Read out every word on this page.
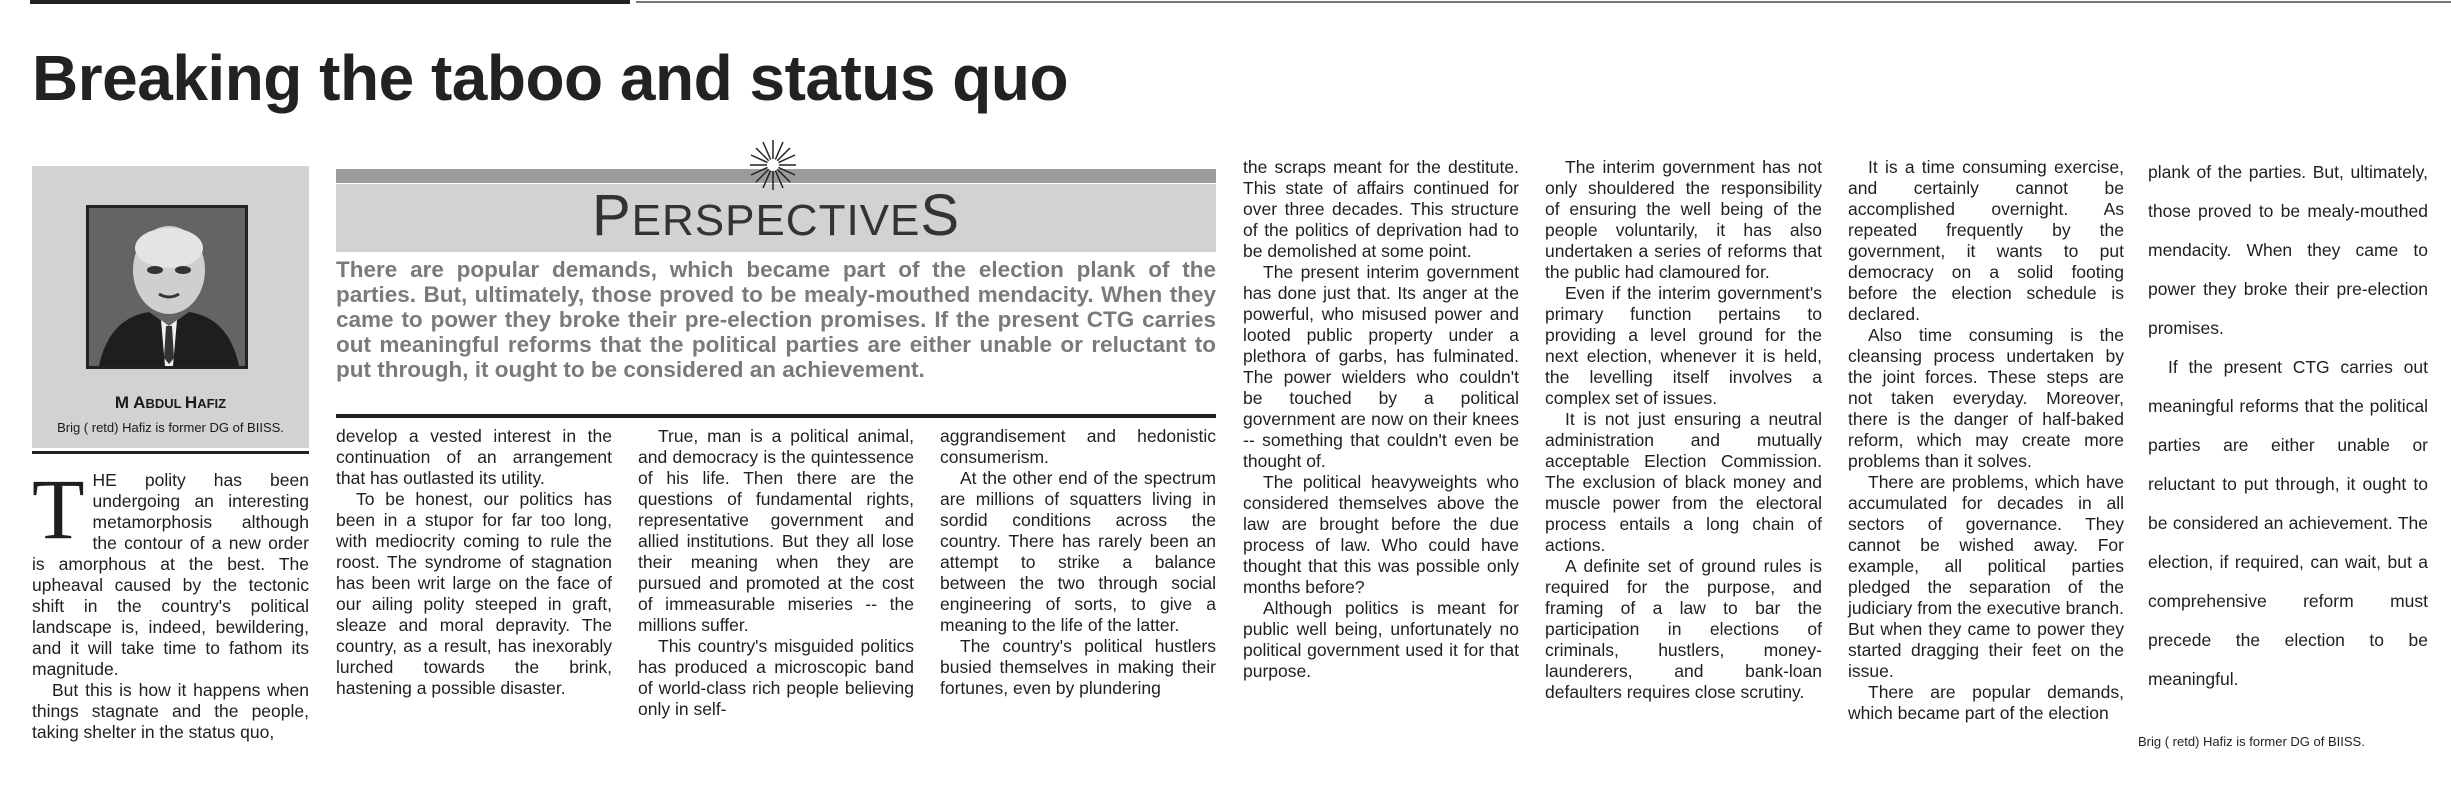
Breaking the taboo and status quo
M ABDUL HAFIZ
Brig ( retd) Hafiz is former DG of BIISS.
PERSPECTIVES

There are popular demands, which became part of the election plank of the parties. But, ultimately, those proved to be mealy-mouthed mendacity. When they came to power they broke their pre-election promises. If the present CTG carries out meaningful reforms that the political parties are either unable or reluctant to put through, it ought to be considered an achievement.

THE polity has been undergoing an interesting metamorphosis although the contour of a new order is amorphous at the best. The upheaval caused by the tectonic shift in the country's political landscape is, indeed, bewildering, and it will take time to fathom its magnitude.

But this is how it happens when things stagnate and the people, taking shelter in the status quo,

develop a vested interest in the continuation of an arrangement that has outlasted its utility.

To be honest, our politics has been in a stupor for far too long, with mediocrity coming to rule the roost. The syndrome of stagnation has been writ large on the face of our ailing polity steeped in graft, sleaze and moral depravity. The country, as a result, has inexorably lurched towards the brink, hastening a possible disaster.

True, man is a political animal, and democracy is the quintessence of his life. Then there are the questions of fundamental rights, representative government and allied institutions. But they all lose their meaning when they are pursued and promoted at the cost of immeasurable miseries -- the millions suffer.

This country's misguided politics has produced a microscopic band of world-class rich people believing only in self-

aggrandisement and hedonistic consumerism.

At the other end of the spectrum are millions of squatters living in sordid conditions across the country. There has rarely been an attempt to strike a balance between the two through social engineering of sorts, to give a meaning to the life of the latter.

The country's political hustlers busied themselves in making their fortunes, even by plundering

the scraps meant for the destitute. This state of affairs continued for over three decades. This structure of the politics of deprivation had to be demolished at some point.

The present interim government has done just that. Its anger at the powerful, who misused power and looted public property under a plethora of garbs, has fulminated. The power wielders who couldn't be touched by a political government are now on their knees -- something that couldn't even be thought of.

The political heavyweights who considered themselves above the law are brought before the due process of law. Who could have thought that this was possible only months before?

Although politics is meant for public well being, unfortunately no political government used it for that purpose.

The interim government has not only shouldered the responsibility of ensuring the well being of the people voluntarily, it has also undertaken a series of reforms that the public had clamoured for.

Even if the interim government's primary function pertains to providing a level ground for the next election, whenever it is held, the levelling itself involves a complex set of issues.

It is not just ensuring a neutral administration and mutually acceptable Election Commission. The exclusion of black money and muscle power from the electoral process entails a long chain of actions.

A definite set of ground rules is required for the purpose, and framing of a law to bar the participation in elections of criminals, hustlers, money-launderers, and bank-loan defaulters requires close scrutiny.

It is a time consuming exercise, and certainly cannot be accomplished overnight. As repeated frequently by the government, it wants to put democracy on a solid footing before the election schedule is declared.

Also time consuming is the cleansing process undertaken by the joint forces. These steps are not taken everyday. Moreover, there is the danger of half-baked reform, which may create more problems than it solves.

There are problems, which have accumulated for decades in all sectors of governance. They cannot be wished away. For example, all political parties pledged the separation of the judiciary from the executive branch. But when they came to power they started dragging their feet on the issue.

There are popular demands, which became part of the election

plank of the parties. But, ultimately, those proved to be mealy-mouthed mendacity. When they came to power they broke their pre-election promises.

If the present CTG carries out meaningful reforms that the political parties are either unable or reluctant to put through, it ought to be considered an achievement. The election, if required, can wait, but a comprehensive reform must precede the election to be meaningful.

Brig ( retd) Hafiz is former DG of BIISS.
